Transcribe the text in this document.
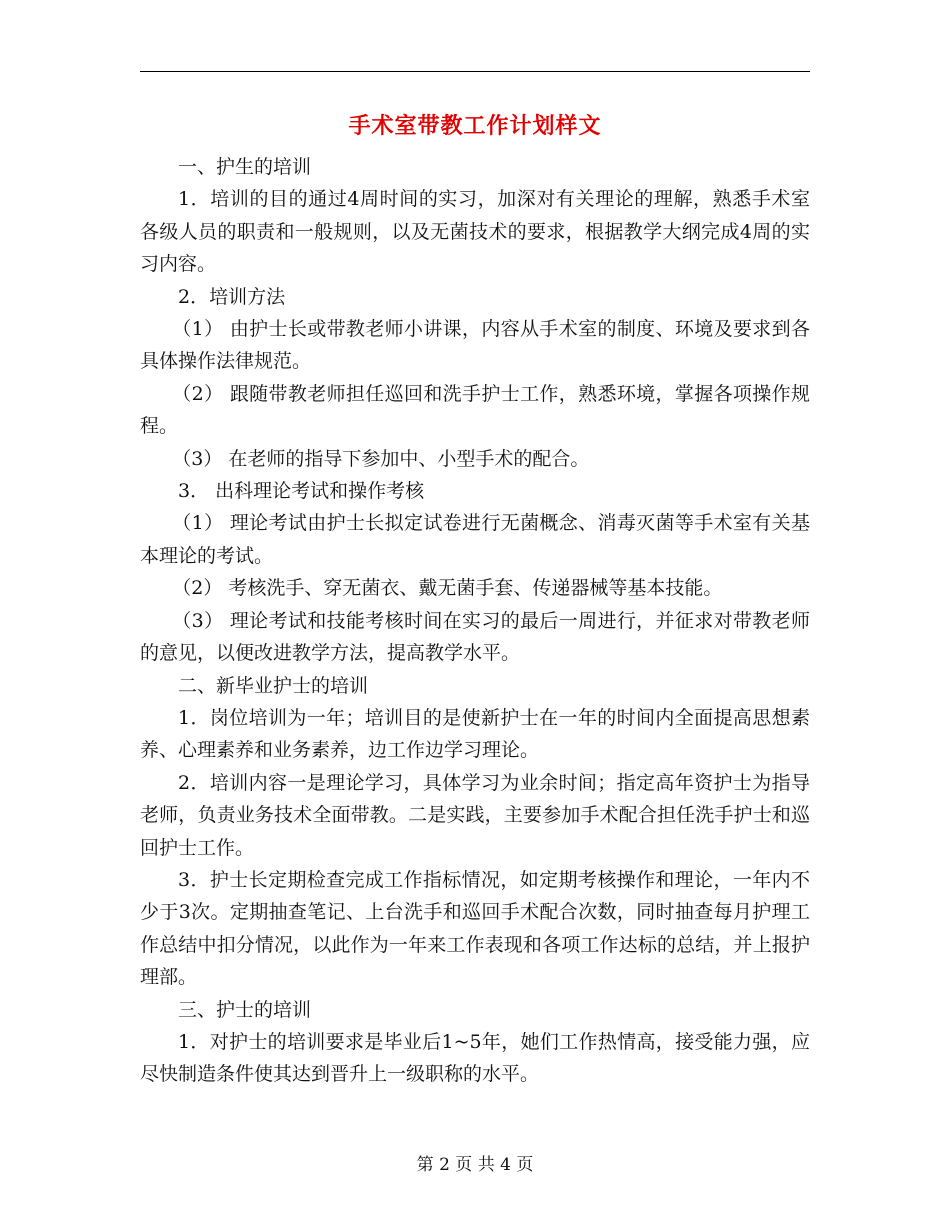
手术室带教工作计划样文

一、护生的培训

1．培训的目的通过4周时间的实习，加深对有关理论的理解，熟悉手术室各级人员的职责和一般规则，以及无菌技术的要求，根据教学大纲完成4周的实习内容。

2．培训方法

（1） 由护士长或带教老师小讲课，内容从手术室的制度、环境及要求到各具体操作法律规范。

（2） 跟随带教老师担任巡回和洗手护士工作，熟悉环境，掌握各项操作规程。

（3） 在老师的指导下参加中、小型手术的配合。

3． 出科理论考试和操作考核

（1） 理论考试由护士长拟定试卷进行无菌概念、消毒灭菌等手术室有关基本理论的考试。

（2） 考核洗手、穿无菌衣、戴无菌手套、传递器械等基本技能。

（3） 理论考试和技能考核时间在实习的最后一周进行，并征求对带教老师的意见，以便改进教学方法，提高教学水平。

二、新毕业护士的培训

1．岗位培训为一年；培训目的是使新护士在一年的时间内全面提高思想素养、心理素养和业务素养，边工作边学习理论。

2．培训内容一是理论学习，具体学习为业余时间；指定高年资护士为指导老师，负责业务技术全面带教。二是实践，主要参加手术配合担任洗手护士和巡回护士工作。

3．护士长定期检查完成工作指标情况，如定期考核操作和理论，一年内不少于3次。定期抽查笔记、上台洗手和巡回手术配合次数，同时抽查每月护理工作总结中扣分情况，以此作为一年来工作表现和各项工作达标的总结，并上报护理部。

三、护士的培训

1．对护士的培训要求是毕业后1~5年，她们工作热情高，接受能力强，应尽快制造条件使其达到晋升上一级职称的水平。

第 2 页 共 4 页
